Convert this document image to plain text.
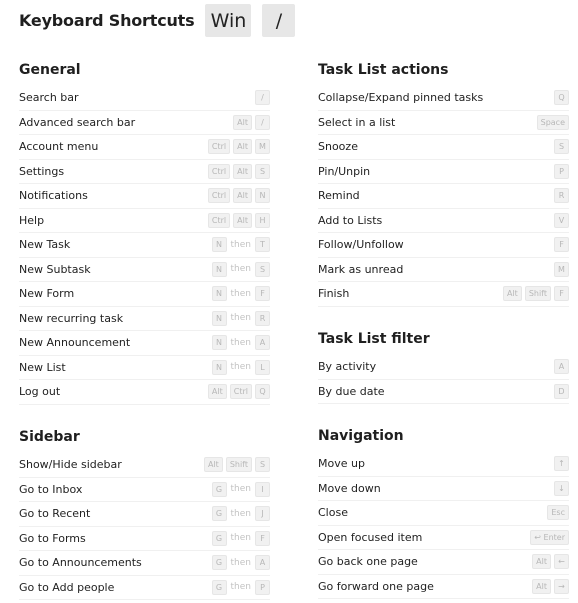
Keyboard Shortcuts Win	/
General
Search bar	/
Advanced search bar	Alt	/
Account menu	Ctrl	Alt	M
Settings	Ctrl	Alt	S
Notifications	Ctrl	Alt	N
Help	Ctrl	Alt	H
New Task	N then	T
New Subtask	N then	S
New Form	N then	F
New recurring task	N then	R
New Announcement	N then	A
New List	N then	L
Log out	Alt	Ctrl	Q
Sidebar
Show/Hide sidebar	Alt	Shift	S
Go to Inbox	G then	I
Go to Recent	G then	J
Go to Forms	G then	F
Go to Announcements	G then	A
Go to Add people	G then	P
Task List actions
Collapse/Expand pinned tasks	Q
Select in a list	Space
Snooze	S
Pin/Unpin	P
Remind	R
Add to Lists	V
Follow/Unfollow	F
Mark as unread	M
Finish	Alt	Shift	F
Task List filter
By activity	A
By due date	D
Navigation
Move up	↑
Move down	↓
Close	Esc
Open focused item	↩ Enter
Go back one page	Alt	←
Go forward one page	Alt	→
